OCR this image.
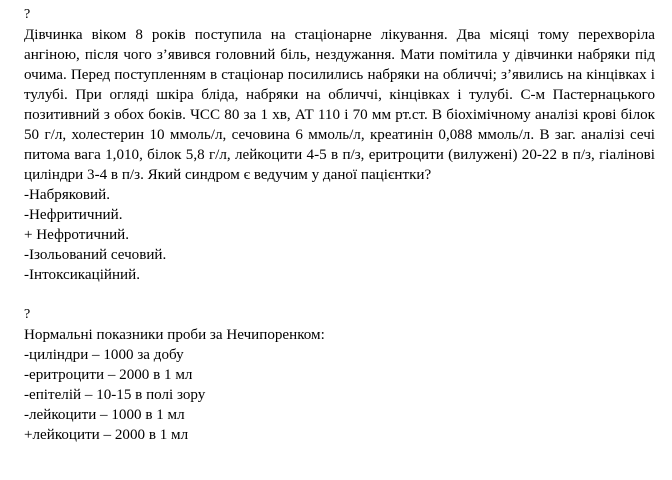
?

Дівчинка віком 8 років поступила на стаціонарне лікування. Два місяці тому перехворіла ангіною, після чого з’явився головний біль, нездужання. Мати помітила у дівчинки набряки під очима. Перед поступленням в стаціонар посилились набряки на обличчі; з’явились на кінцівках і тулубі. При огляді шкіра бліда, набряки на обличчі, кінцівках і тулубі. С-м Пастернацького позитивний з обох боків. ЧСС 80 за 1 хв, АТ 110 і 70 мм рт.ст. В біохімічному аналізі крові білок 50 г/л, холестерин 10 ммоль/л, сечовина 6 ммоль/л, креатинін 0,088 ммоль/л. В заг. аналізі сечі питома вага 1,010, білок 5,8 г/л, лейкоцити 4-5 в п/з, еритроцити (вилужені) 20-22 в п/з, гіалінові циліндри 3-4 в п/з. Який синдром є ведучим у даної пацієнтки?

-Набряковий.

-Нефритичний.

+ Нефротичний.

-Ізольований сечовий.

-Інтоксикаційний.

?

Нормальні показники проби за Нечипоренком:

-циліндри – 1000 за добу

-еритроцити – 2000 в 1 мл

-епітелій – 10-15 в полі зору

-лейкоцити – 1000 в 1 мл

+лейкоцити – 2000 в 1 мл
